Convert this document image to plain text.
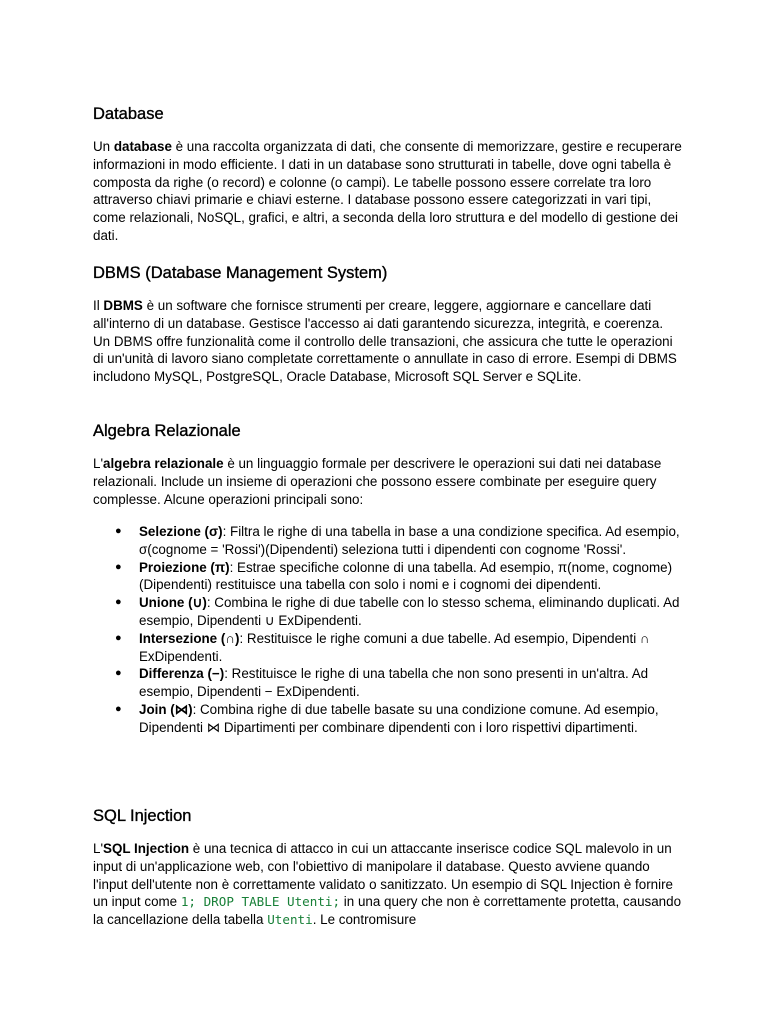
Database

Un database è una raccolta organizzata di dati, che consente di memorizzare, gestire e recuperare informazioni in modo efficiente. I dati in un database sono strutturati in tabelle, dove ogni tabella è composta da righe (o record) e colonne (o campi). Le tabelle possono essere correlate tra loro attraverso chiavi primarie e chiavi esterne. I database possono essere categorizzati in vari tipi, come relazionali, NoSQL, grafici, e altri, a seconda della loro struttura e del modello di gestione dei dati.

DBMS (Database Management System)

Il DBMS è un software che fornisce strumenti per creare, leggere, aggiornare e cancellare dati all'interno di un database. Gestisce l'accesso ai dati garantendo sicurezza, integrità, e coerenza. Un DBMS offre funzionalità come il controllo delle transazioni, che assicura che tutte le operazioni di un'unità di lavoro siano completate correttamente o annullate in caso di errore. Esempi di DBMS includono MySQL, PostgreSQL, Oracle Database, Microsoft SQL Server e SQLite.

Algebra Relazionale

L'algebra relazionale è un linguaggio formale per descrivere le operazioni sui dati nei database relazionali. Include un insieme di operazioni che possono essere combinate per eseguire query complesse. Alcune operazioni principali sono:

● Selezione (σ): Filtra le righe di una tabella in base a una condizione specifica. Ad esempio, σ(cognome = 'Rossi')(Dipendenti) seleziona tutti i dipendenti con cognome 'Rossi'.
● Proiezione (π): Estrae specifiche colonne di una tabella. Ad esempio, π(nome, cognome)(Dipendenti) restituisce una tabella con solo i nomi e i cognomi dei dipendenti.
● Unione (∪): Combina le righe di due tabelle con lo stesso schema, eliminando duplicati. Ad esempio, Dipendenti ∪ ExDipendenti.
● Intersezione (∩): Restituisce le righe comuni a due tabelle. Ad esempio, Dipendenti ∩ ExDipendenti.
● Differenza (−): Restituisce le righe di una tabella che non sono presenti in un'altra. Ad esempio, Dipendenti − ExDipendenti.
● Join (⋈): Combina righe di due tabelle basate su una condizione comune. Ad esempio, Dipendenti ⋈ Dipartimenti per combinare dipendenti con i loro rispettivi dipartimenti.
SQL Injection

L'SQL Injection è una tecnica di attacco in cui un attaccante inserisce codice SQL malevolo in un input di un'applicazione web, con l'obiettivo di manipolare il database. Questo avviene quando l'input dell'utente non è correttamente validato o sanitizzato. Un esempio di SQL Injection è fornire un input come 1; DROP TABLE Utenti; in una query che non è correttamente protetta, causando la cancellazione della tabella Utenti. Le contromisure
